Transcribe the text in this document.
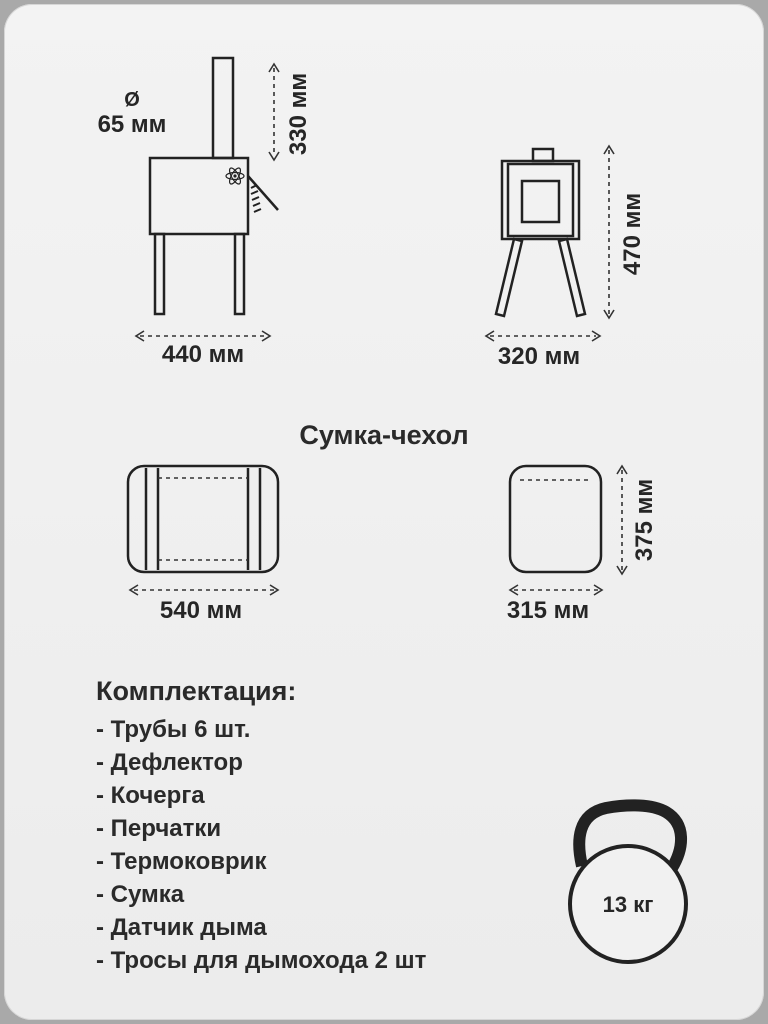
Ø
65 мм	330 мм
440 мм
470 мм
320 мм
540 мм
375 мм
315 мм
13 кг
Сумка-чехол
Комплектация:
- Трубы 6 шт.
- Дефлектор
- Кочерга
- Перчатки
- Термоковрик
- Сумка
- Датчик дыма
- Тросы для дымохода 2 шт
